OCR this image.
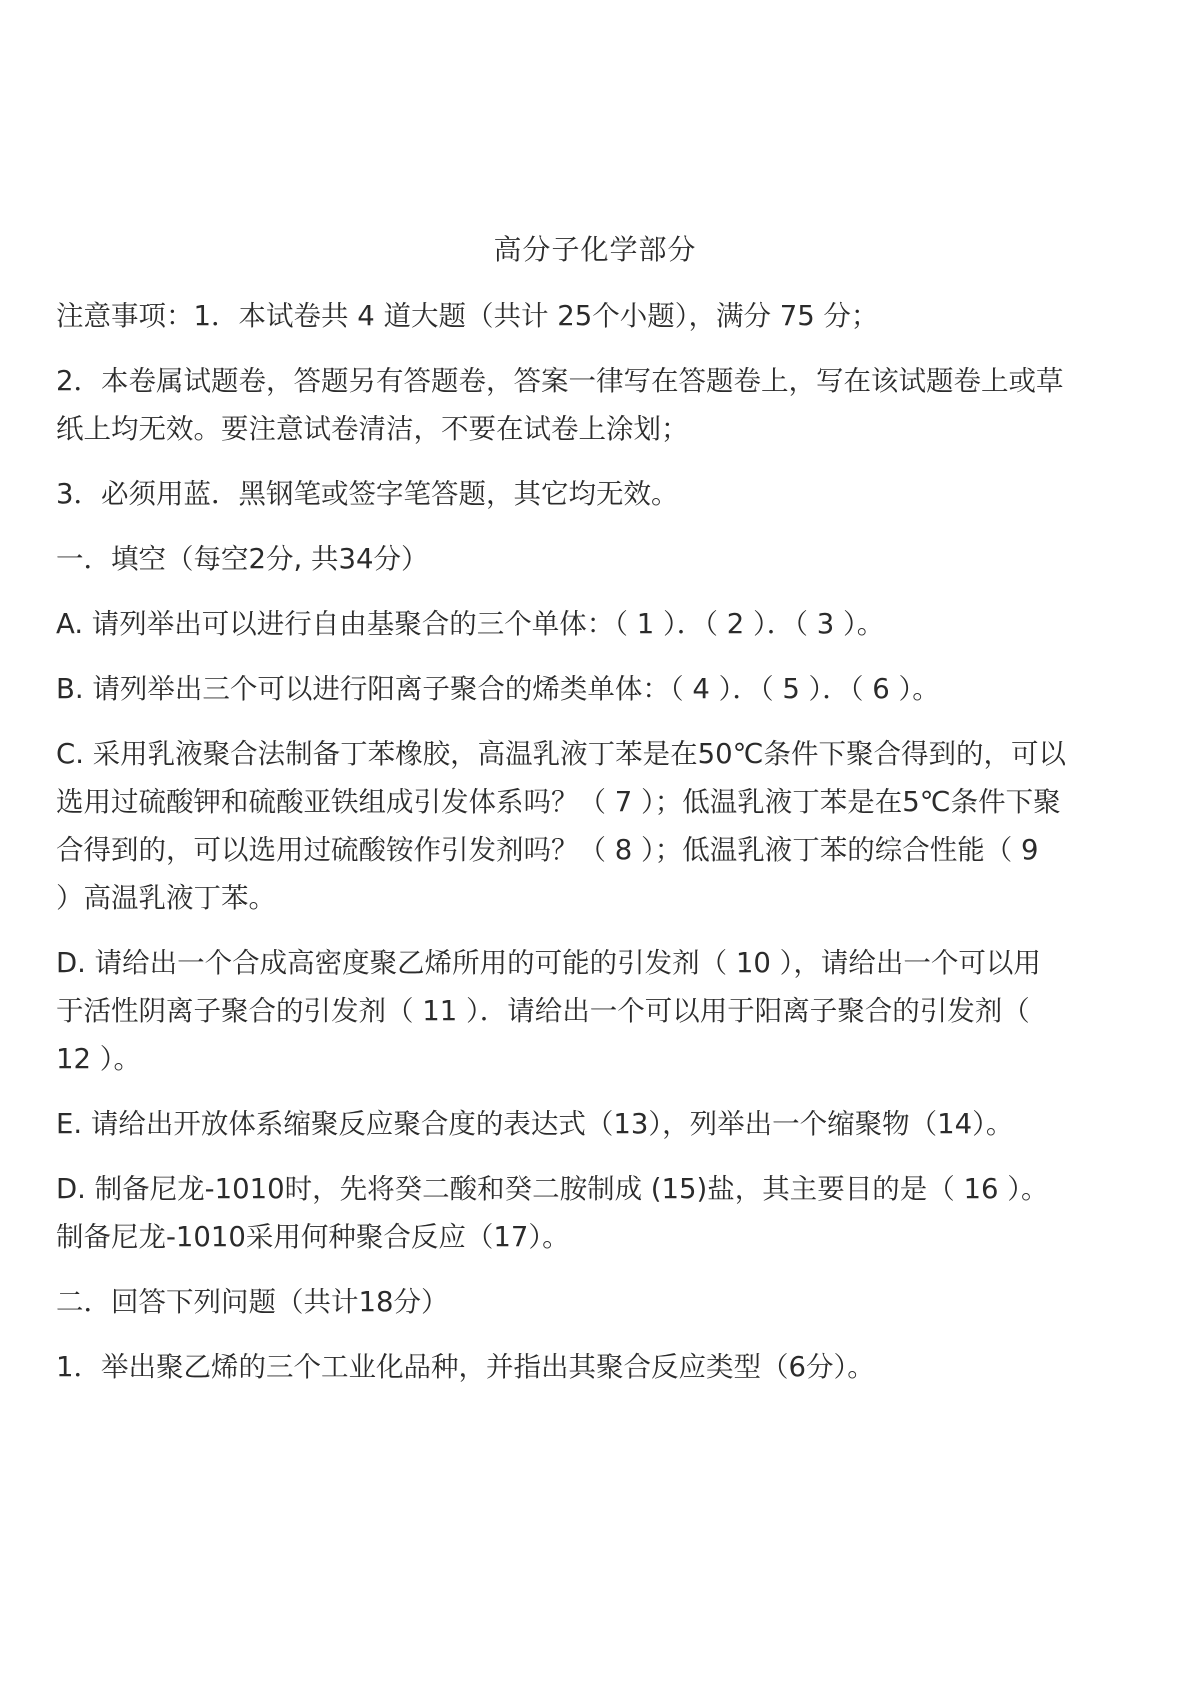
高分子化学部分

注意事项：1．本试卷共 4 道大题（共计 25个小题），满分 75 分；

2．本卷属试题卷，答题另有答题卷，答案一律写在答题卷上，写在该试题卷上或草
纸上均无效。要注意试卷清洁，不要在试卷上涂划；

3．必须用蓝．黑钢笔或签字笔答题，其它均无效。

一．填空（每空2分, 共34分）

A. 请列举出可以进行自由基聚合的三个单体：（ 1 ）．（ 2 ）．（ 3 ）。

B. 请列举出三个可以进行阳离子聚合的烯类单体：（ 4 ）．（ 5 ）．（ 6 ）。

C. 采用乳液聚合法制备丁苯橡胶，高温乳液丁苯是在50℃条件下聚合得到的，可以
选用过硫酸钾和硫酸亚铁组成引发体系吗？（ 7 ）；低温乳液丁苯是在5℃条件下聚
合得到的，可以选用过硫酸铵作引发剂吗？（ 8 ）；低温乳液丁苯的综合性能（ 9
）高温乳液丁苯。

D. 请给出一个合成高密度聚乙烯所用的可能的引发剂（ 10 ），请给出一个可以用
于活性阴离子聚合的引发剂（ 11 ）．请给出一个可以用于阳离子聚合的引发剂（
12 ）。

E. 请给出开放体系缩聚反应聚合度的表达式（13），列举出一个缩聚物（14）。

D. 制备尼龙-1010时，先将癸二酸和癸二胺制成 (15)盐，其主要目的是（ 16 ）。
制备尼龙-1010采用何种聚合反应（17）。

二．回答下列问题（共计18分）

1．举出聚乙烯的三个工业化品种，并指出其聚合反应类型（6分）。
